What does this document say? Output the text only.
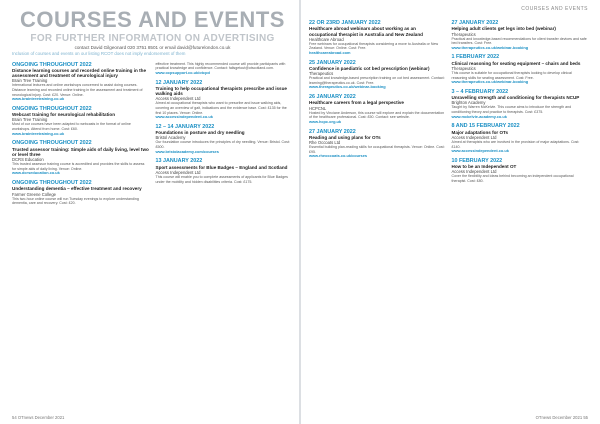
COURSES AND EVENTS
FOR FURTHER INFORMATION ON ADVERTISING
contact David Gilgeonard 020 3751 8501 or email david@futurelondon.co.uk
Inclusion of courses and events on our listing RCOT does not imply endorsement of them
ONGOING THROUGHOUT 2022
Distance learning courses and recorded online training in the assessment and treatment of neurological injury
Brain Tree Training
International lectures and online workshops concerned to assist doing courses. Distance learning and recorded online training in the assessment and treatment of neurological injury. Cost: £20. Venue: Online.
www.braintreetraining.co.uk
ONGOING THROUGHOUT 2022
Webcast training for neurological rehabilitation
Brain Tree Training
Most of our courses have been adapted to webcasts in the format of online workshops. Attend from home. Cost: £60.
www.braintreetraining.co.uk
ONGOING THROUGHOUT 2022
Trusted assessor training: Simple aids of daily living, level two or level three
DCRS Education
This trusted assessor training course is accredited and provides the skills to assess for simple aids of daily living. Venue: Online.
www.dcrseducation.co.uk
ONGOING THROUGHOUT 2022
Understanding dementia – effective treatment and recovery
Farmer Greene College
This two-hour online course will run Tuesday evenings to explore understanding dementia, care and recovery. Cost: £20.
effective treatment. This highly recommended course will provide participants with practical knowledge and confidence. Contact: fallsgetout@otscotland.com.
www.ocpsupport.co.uk/otcpd
12 JANUARY 2022
Training to help occupational therapists prescribe and issue walking aids
Access Independent Ltd
Aimed at occupational therapists who want to prescribe and issue walking aids, covering an overview of gait, indications and the evidence base. Cost: £135 for the first 10 places. Venue: Online.
www.accessindependent.co.uk
12 – 14 JANUARY 2022
Foundations in posture and dry needling
Bristol Academy
Our foundation course introduces the principles of dry needling. Venue: Bristol. Cost: £500.
www.bristolacademy.com/courses
13 JANUARY 2022
Sport assessments for Blue Badges – England and Scotland
Access Independent Ltd
This course will enable you to complete assessments of applicants for Blue Badges under the mobility and hidden disabilities criteria. Cost: £175.
54 OTnews December 2021
COURSES AND EVENTS
22 OR 23RD JANUARY 2022
Healthcare abroad webinars about working as an occupational therapist in Australia and New Zealand
Healthcare Abroad
Free webinars for occupational therapists considering a move to Australia or New Zealand. Venue: Online. Cost: Free.
healthcareabroad.com
25 JANUARY 2022
Confidence in paediatric cot bed prescription (webinar)
Therapeutics
Practical and knowledge-based prescription training on cot bed assessment. Contact: learning@therapeutics.co.uk. Cost: Free.
www.therapeutics.co.uk/webinar-booking
26 JANUARY 2022
Healthcare careers from a legal perspective
HCPCNL
Hosted by Vinciane Anderson, this course will explore and explain the documentation of the healthcare professional. Cost: £50. Contact: see website.
www.hcpc.org.uk
27 JANUARY 2022
Reading and using plans for OTs
Rhe Occoats Ltd
Essential building plan-reading skills for occupational therapists. Venue: Online. Cost: £95.
www.rheoccoats.co.uk/courses
27 JANUARY 2022
Helping adult clients get legs into bed (webinar)
Therapeutics
Practical and knowledge-based recommendations for client transfer devices and safe bed transfers. Cost: Free.
www.therapeutics.co.uk/webinar-booking
1 FEBRUARY 2022
Clinical reasoning for seating equipment – chairs and beds
Therapeutics
This course is suitable for occupational therapists looking to develop clinical reasoning skills for seating assessment. Cost: Free.
www.therapeutics.co.uk/webinar-booking
3 – 4 FEBRUARY 2022
Unravelling strength and conditioning for therapists NCUP
Brighton Academy
Taught by Warren McKelvie. This course aims to introduce the strength and conditioning theory and practice to therapists. Cost: £375.
www.mckelvie-academy.co.uk
8 AND 15 FEBRUARY 2022
Major adaptations for OTs
Access Independent Ltd
Aimed at therapists who are involved in the provision of major adaptations. Cost: £140.
www.accessindependent.co.uk
10 FEBRUARY 2022
How to be an Independent OT
Access Independent Ltd
Cover the flexibility and ideas behind becoming an independent occupational therapist. Cost: £80.
OTnews December 2021 55
